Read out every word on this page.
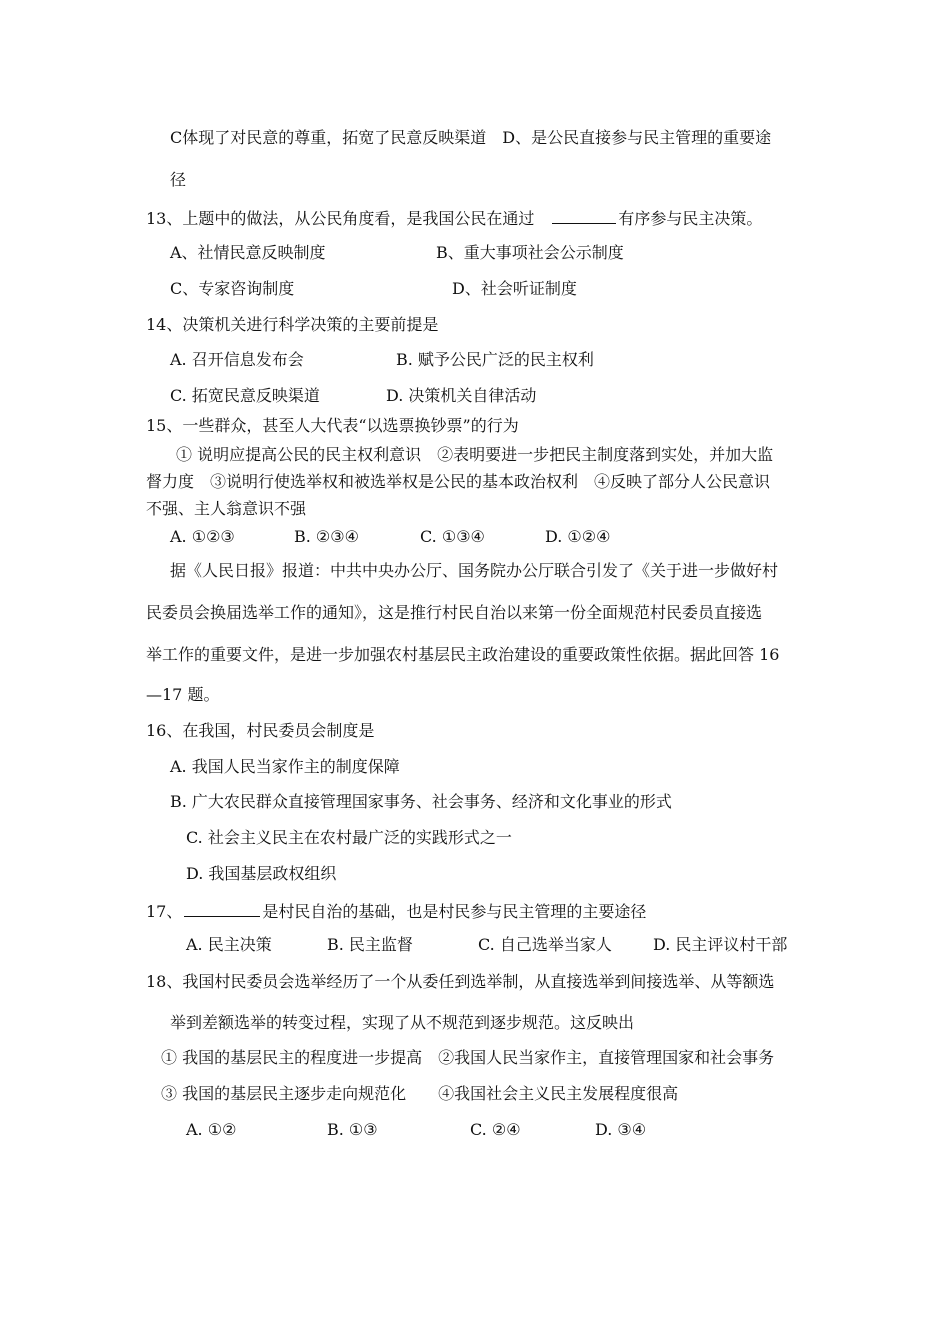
C体现了对民意的尊重，拓宽了民意反映渠道　D、是公民直接参与民主管理的重要途
径
13、上题中的做法，从公民角度看，是我国公民在通过	有序参与民主决策。
A、社情民意反映制度	B、重大事项社会公示制度
C、专家咨询制度	D、社会听证制度
14、决策机关进行科学决策的主要前提是
A. 召开信息发布会	B. 赋予公民广泛的民主权利
C. 拓宽民意反映渠道	D. 决策机关自律活动
15、一些群众，甚至人大代表“以选票换钞票”的行为
① 说明应提高公民的民主权利意识　②表明要进一步把民主制度落到实处，并加大监
督力度　③说明行使选举权和被选举权是公民的基本政治权利　④反映了部分人公民意识
不强、主人翁意识不强
A. ①②③	B. ②③④	C. ①③④	D. ①②④
据《人民日报》报道：中共中央办公厅、国务院办公厅联合引发了《关于进一步做好村
民委员会换届选举工作的通知》，这是推行村民自治以来第一份全面规范村民委员直接选
举工作的重要文件，是进一步加强农村基层民主政治建设的重要政策性依据。据此回答 16
—17 题。
16、在我国，村民委员会制度是
A. 我国人民当家作主的制度保障
B. 广大农民群众直接管理国家事务、社会事务、经济和文化事业的形式
C. 社会主义民主在农村最广泛的实践形式之一
D. 我国基层政权组织
17、	是村民自治的基础，也是村民参与民主管理的主要途径
A. 民主决策	B. 民主监督	C. 自己选举当家人	D. 民主评议村干部
18、我国村民委员会选举经历了一个从委任到选举制，从直接选举到间接选举、从等额选
举到差额选举的转变过程，实现了从不规范到逐步规范。这反映出
① 我国的基层民主的程度进一步提高　②我国人民当家作主，直接管理国家和社会事务
③ 我国的基层民主逐步走向规范化　　④我国社会主义民主发展程度很高
A. ①②	B. ①③	C. ②④	D. ③④
